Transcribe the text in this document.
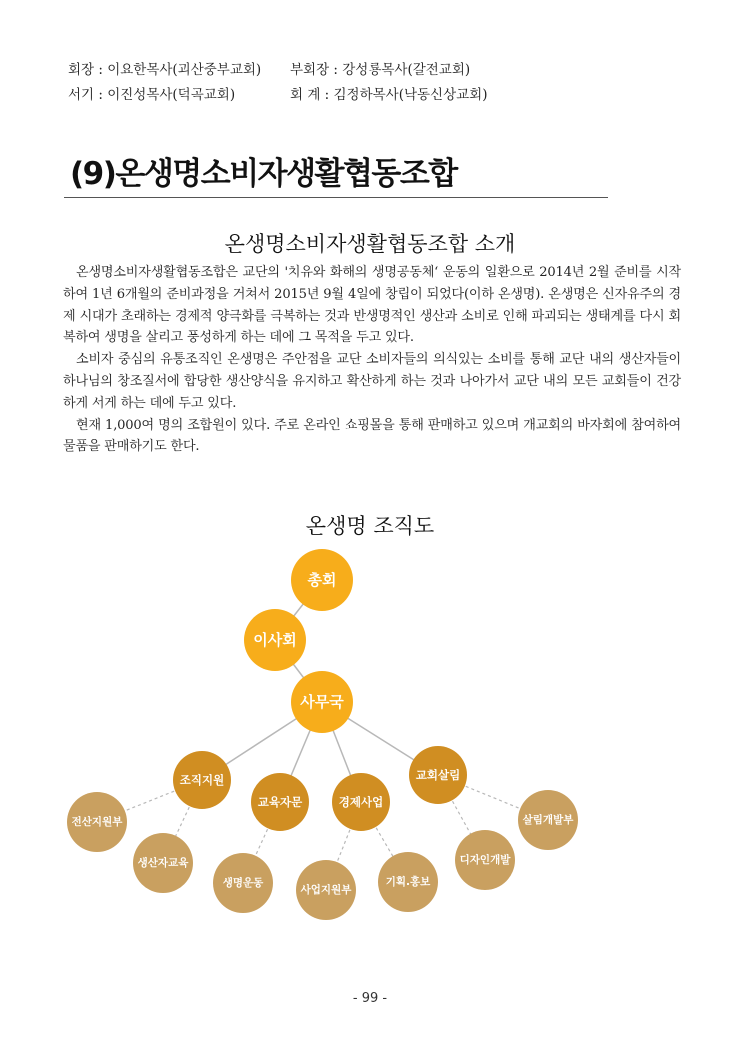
회장 : 이요한목사(괴산중부교회)	부회장 : 강성룡목사(갈전교회)
서기 : 이진성목사(덕곡교회)	회 계 : 김정하목사(낙동신상교회)
(9)온생명소비자생활협동조합
온생명소비자생활협동조합 소개

온생명소비자생활협동조합은 교단의 '치유와 화해의 생명공동체‘ 운동의 일환으로 2014년 2월 준비를 시작하여 1년 6개월의 준비과정을 거쳐서 2015년 9월 4일에 창립이 되었다(이하 온생명). 온생명은 신자유주의 경제 시대가 초래하는 경제적 양극화를 극복하는 것과 반생명적인 생산과 소비로 인해 파괴되는 생태계를 다시 회복하여 생명을 살리고 풍성하게 하는 데에 그 목적을 두고 있다.

소비자 중심의 유통조직인 온생명은 주안점을 교단 소비자들의 의식있는 소비를 통해 교단 내의 생산자들이 하나님의 창조질서에 합당한 생산양식을 유지하고 확산하게 하는 것과 나아가서 교단 내의 모든 교회들이 건강하게 서게 하는 데에 두고 있다.

현재 1,000여 명의 조합원이 있다. 주로 온라인 쇼핑몰을 통해 판매하고 있으며 개교회의 바자회에 참여하여 물품을 판매하기도 한다.

온생명 조직도
총회
이사회
사무국
조직지원
교육자문	경제사업
교회살림
전산지원부
생산자교육
생명운동
사업지원부
기획.홍보
디자인개발
살림개발부
- 99 -
